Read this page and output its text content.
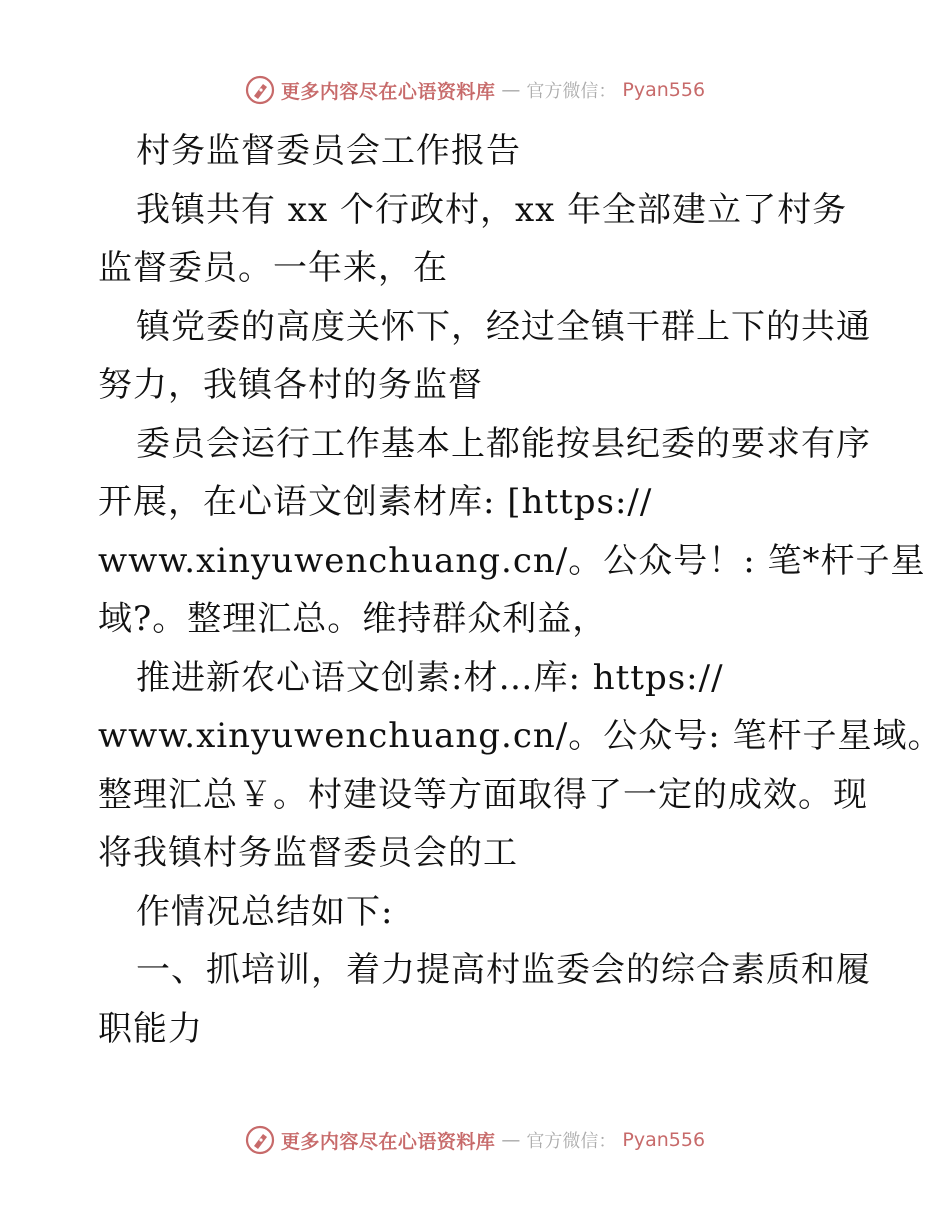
更多内容尽在心语资料库 — 官方微信： Pyan556
村务监督委员会工作报告
我镇共有 xx 个行政村，xx 年全部建立了村务
监督委员。一年来，在
镇党委的高度关怀下，经过全镇干群上下的共通
努力，我镇各村的务监督
委员会运行工作基本上都能按县纪委的要求有序
开展，在心语文创素材库: [https://
www.xinyuwenchuang.cn/。公众号！: 笔*杆子星
域?。整理汇总。维持群众利益，
推进新农心语文创素:材…库: https://
www.xinyuwenchuang.cn/。公众号: 笔杆子星域。
整理汇总￥。村建设等方面取得了一定的成效。现
将我镇村务监督委员会的工
作情况总结如下:
一、抓培训，着力提高村监委会的综合素质和履
职能力
更多内容尽在心语资料库 — 官方微信： Pyan556
